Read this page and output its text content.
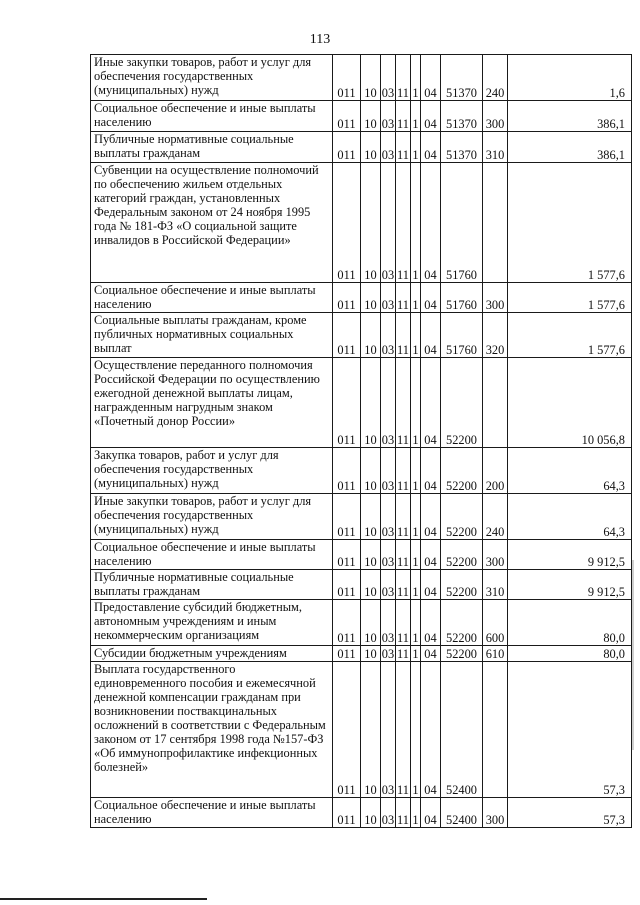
113
Иные закупки товаров, работ и услуг для обеспечения государственных (муниципальных) нужд	011	10	03	11	1	04	51370	240	1,6
Социальное обеспечение и иные выплаты населению	011	10	03	11	1	04	51370	300	386,1
Публичные нормативные социальные выплаты гражданам	011	10	03	11	1	04	51370	310	386,1
Субвенции на осуществление полномочий по обеспечению жильем отдельных категорий граждан, установленных Федеральным законом от 24 ноября 1995 года № 181-ФЗ «О социальной защите инвалидов в Российской Федерации»	011	10	03	11	1	04	51760		1 577,6
Социальное обеспечение и иные выплаты населению	011	10	03	11	1	04	51760	300	1 577,6
Социальные выплаты гражданам, кроме публичных нормативных социальных выплат	011	10	03	11	1	04	51760	320	1 577,6
Осуществление переданного полномочия Российской Федерации по осуществлению ежегодной денежной выплаты лицам, награжденным нагрудным знаком «Почетный донор России»	011	10	03	11	1	04	52200		10 056,8
Закупка товаров, работ и услуг для обеспечения государственных (муниципальных) нужд	011	10	03	11	1	04	52200	200	64,3
Иные закупки товаров, работ и услуг для обеспечения государственных (муниципальных) нужд	011	10	03	11	1	04	52200	240	64,3
Социальное обеспечение и иные выплаты населению	011	10	03	11	1	04	52200	300	9 912,5
Публичные нормативные социальные выплаты гражданам	011	10	03	11	1	04	52200	310	9 912,5
Предоставление субсидий бюджетным, автономным учреждениям и иным некоммерческим организациям	011	10	03	11	1	04	52200	600	80,0
Субсидии бюджетным учреждениям	011	10	03	11	1	04	52200	610	80,0
Выплата государственного единовременного пособия и ежемесячной денежной компенсации гражданам при возникновении поствакцинальных осложнений в соответствии с Федеральным законом от 17 сентября 1998 года №157-ФЗ «Об иммунопрофилактике инфекционных болезней»	011	10	03	11	1	04	52400		57,3
Социальное обеспечение и иные выплаты населению	011	10	03	11	1	04	52400	300	57,3
